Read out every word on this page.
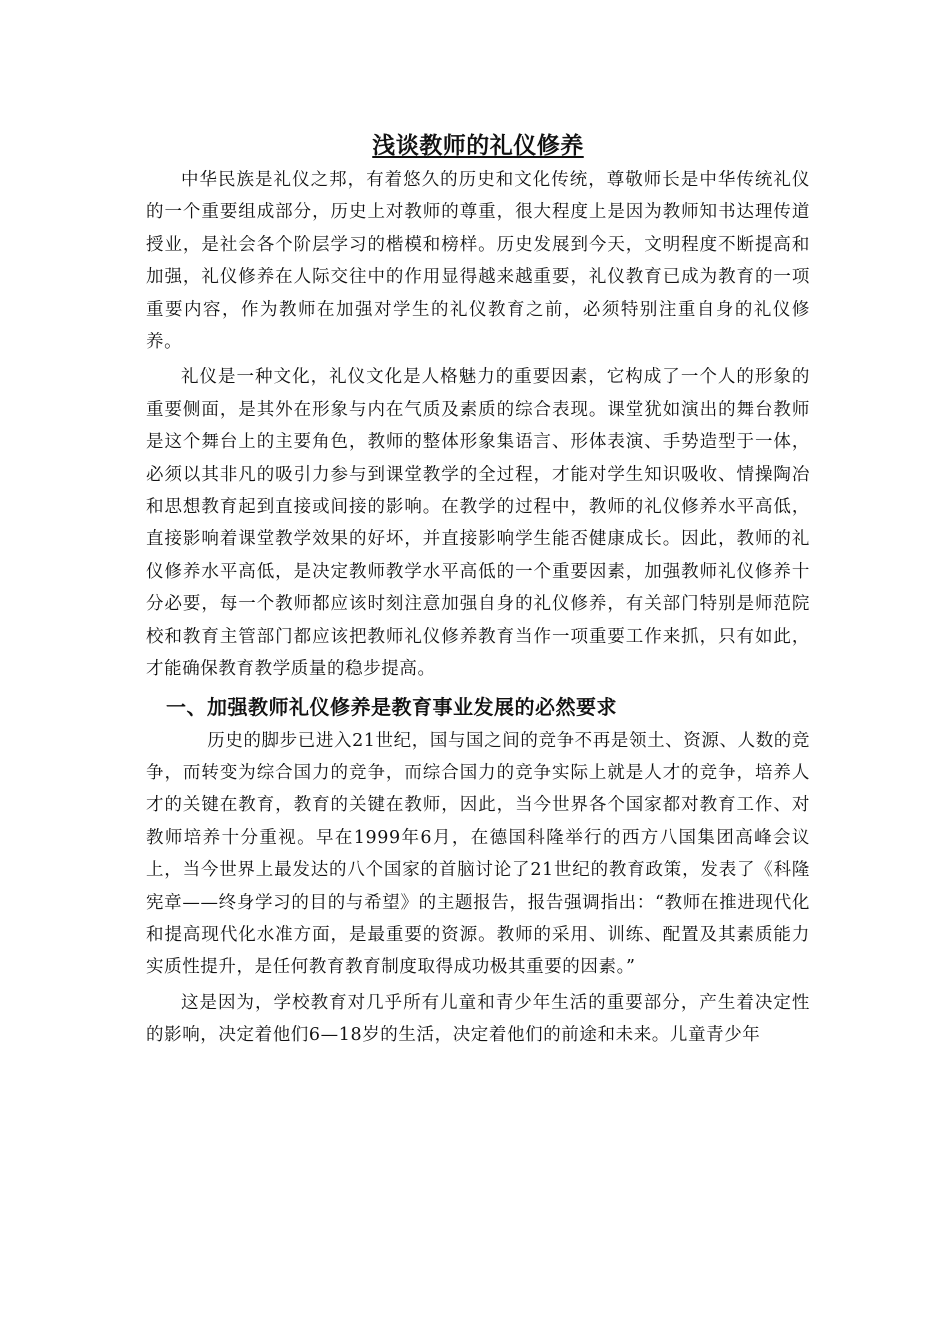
浅谈教师的礼仪修养

中华民族是礼仪之邦，有着悠久的历史和文化传统，尊敬师长是中华传统礼仪的一个重要组成部分，历史上对教师的尊重，很大程度上是因为教师知书达理传道授业，是社会各个阶层学习的楷模和榜样。历史发展到今天，文明程度不断提高和加强，礼仪修养在人际交往中的作用显得越来越重要，礼仪教育已成为教育的一项重要内容，作为教师在加强对学生的礼仪教育之前，必须特别注重自身的礼仪修养。

礼仪是一种文化，礼仪文化是人格魅力的重要因素，它构成了一个人的形象的重要侧面，是其外在形象与内在气质及素质的综合表现。课堂犹如演出的舞台教师是这个舞台上的主要角色，教师的整体形象集语言、形体表演、手势造型于一体，必须以其非凡的吸引力参与到课堂教学的全过程，才能对学生知识吸收、情操陶冶和思想教育起到直接或间接的影响。在教学的过程中，教师的礼仪修养水平高低，直接影响着课堂教学效果的好坏，并直接影响学生能否健康成长。因此，教师的礼仪修养水平高低，是决定教师教学水平高低的一个重要因素，加强教师礼仪修养十分必要，每一个教师都应该时刻注意加强自身的礼仪修养，有关部门特别是师范院校和教育主管部门都应该把教师礼仪修养教育当作一项重要工作来抓，只有如此，才能确保教育教学质量的稳步提高。

一、加强教师礼仪修养是教育事业发展的必然要求

历史的脚步已进入21世纪，国与国之间的竞争不再是领土、资源、人数的竞争，而转变为综合国力的竞争，而综合国力的竞争实际上就是人才的竞争，培养人才的关键在教育，教育的关键在教师，因此，当今世界各个国家都对教育工作、对教师培养十分重视。早在1999年6月，在德国科隆举行的西方八国集团高峰会议上，当今世界上最发达的八个国家的首脑讨论了21世纪的教育政策，发表了《科隆宪章——终身学习的目的与希望》的主题报告，报告强调指出：“教师在推进现代化和提高现代化水准方面，是最重要的资源。教师的采用、训练、配置及其素质能力实质性提升，是任何教育教育制度取得成功极其重要的因素。”

这是因为，学校教育对几乎所有儿童和青少年生活的重要部分，产生着决定性的影响，决定着他们6—18岁的生活，决定着他们的前途和未来。儿童青少年
